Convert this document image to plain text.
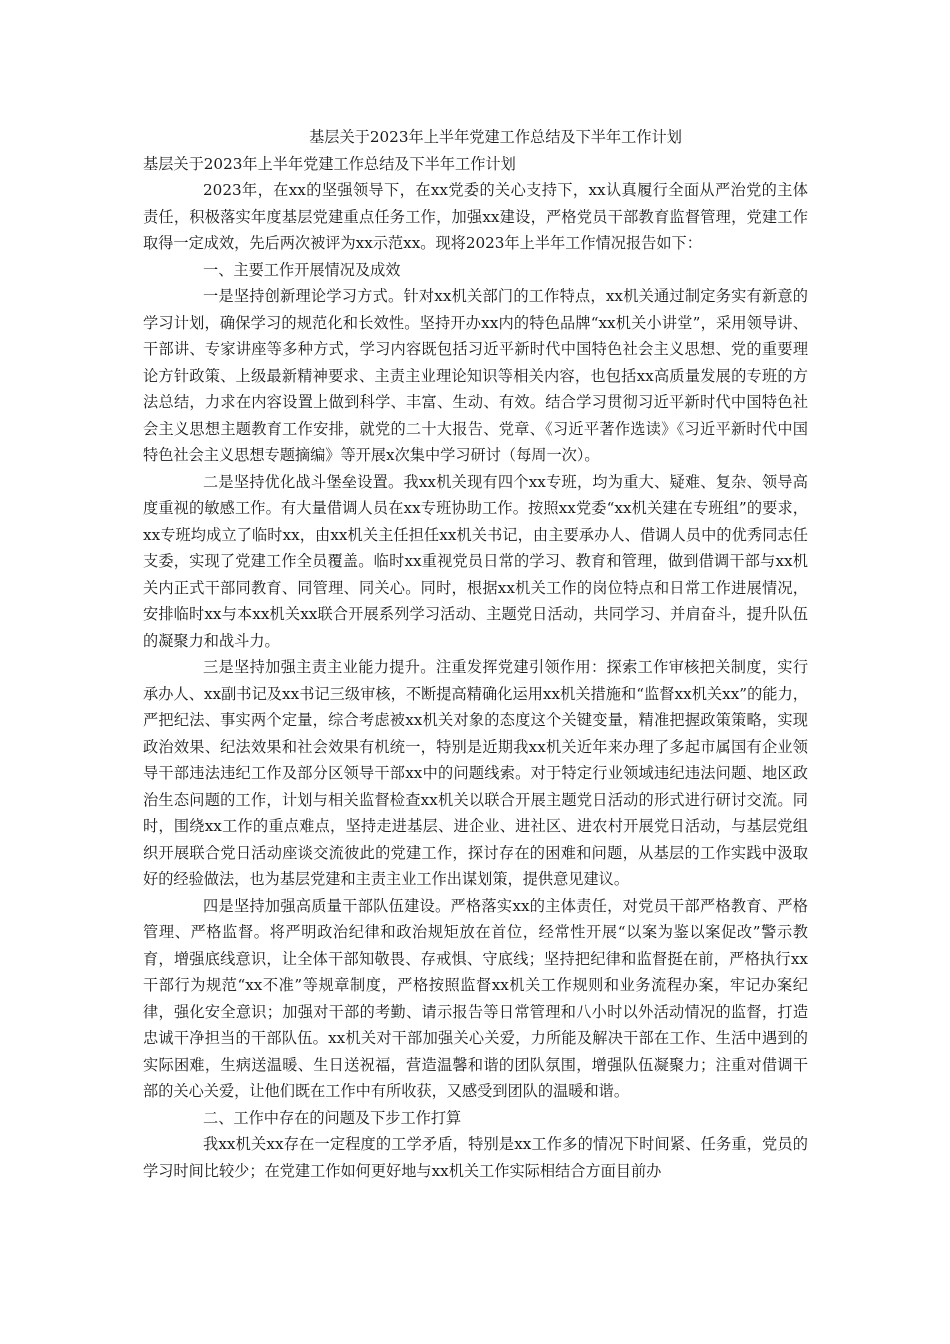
基层关于2023年上半年党建工作总结及下半年工作计划

基层关于2023年上半年党建工作总结及下半年工作计划

2023年，在xx的坚强领导下，在xx党委的关心支持下，xx认真履行全面从严治党的主体责任，积极落实年度基层党建重点任务工作，加强xx建设，严格党员干部教育监督管理，党建工作取得一定成效，先后两次被评为xx示范xx。现将2023年上半年工作情况报告如下：

一、主要工作开展情况及成效

一是坚持创新理论学习方式。针对xx机关部门的工作特点，xx机关通过制定务实有新意的学习计划，确保学习的规范化和长效性。坚持开办xx内的特色品牌“xx机关小讲堂”，采用领导讲、干部讲、专家讲座等多种方式，学习内容既包括习近平新时代中国特色社会主义思想、党的重要理论方针政策、上级最新精神要求、主责主业理论知识等相关内容，也包括xx高质量发展的专班的方法总结，力求在内容设置上做到科学、丰富、生动、有效。结合学习贯彻习近平新时代中国特色社会主义思想主题教育工作安排，就党的二十大报告、党章、《习近平著作选读》《习近平新时代中国特色社会主义思想专题摘编》等开展x次集中学习研讨（每周一次）。

二是坚持优化战斗堡垒设置。我xx机关现有四个xx专班，均为重大、疑难、复杂、领导高度重视的敏感工作。有大量借调人员在xx专班协助工作。按照xx党委“xx机关建在专班组”的要求，xx专班均成立了临时xx，由xx机关主任担任xx机关书记，由主要承办人、借调人员中的优秀同志任支委，实现了党建工作全员覆盖。临时xx重视党员日常的学习、教育和管理，做到借调干部与xx机关内正式干部同教育、同管理、同关心。同时，根据xx机关工作的岗位特点和日常工作进展情况，安排临时xx与本xx机关xx联合开展系列学习活动、主题党日活动，共同学习、并肩奋斗，提升队伍的凝聚力和战斗力。

三是坚持加强主责主业能力提升。注重发挥党建引领作用：探索工作审核把关制度，实行承办人、xx副书记及xx书记三级审核，不断提高精确化运用xx机关措施和“监督xx机关xx”的能力，严把纪法、事实两个定量，综合考虑被xx机关对象的态度这个关键变量，精准把握政策策略，实现政治效果、纪法效果和社会效果有机统一，特别是近期我xx机关近年来办理了多起市属国有企业领导干部违法违纪工作及部分区领导干部xx中的问题线索。对于特定行业领域违纪违法问题、地区政治生态问题的工作，计划与相关监督检查xx机关以联合开展主题党日活动的形式进行研讨交流。同时，围绕xx工作的重点难点，坚持走进基层、进企业、进社区、进农村开展党日活动，与基层党组织开展联合党日活动座谈交流彼此的党建工作，探讨存在的困难和问题，从基层的工作实践中汲取好的经验做法，也为基层党建和主责主业工作出谋划策，提供意见建议。

四是坚持加强高质量干部队伍建设。严格落实xx的主体责任，对党员干部严格教育、严格管理、严格监督。将严明政治纪律和政治规矩放在首位，经常性开展“以案为鉴以案促改”警示教育，增强底线意识，让全体干部知敬畏、存戒惧、守底线；坚持把纪律和监督挺在前，严格执行xx干部行为规范“xx不准”等规章制度，严格按照监督xx机关工作规则和业务流程办案，牢记办案纪律，强化安全意识；加强对干部的考勤、请示报告等日常管理和八小时以外活动情况的监督，打造忠诚干净担当的干部队伍。xx机关对干部加强关心关爱，力所能及解决干部在工作、生活中遇到的实际困难，生病送温暖、生日送祝福，营造温馨和谐的团队氛围，增强队伍凝聚力；注重对借调干部的关心关爱，让他们既在工作中有所收获，又感受到团队的温暖和谐。

二、工作中存在的问题及下步工作打算

我xx机关xx存在一定程度的工学矛盾，特别是xx工作多的情况下时间紧、任务重，党员的学习时间比较少；在党建工作如何更好地与xx机关工作实际相结合方面目前办
